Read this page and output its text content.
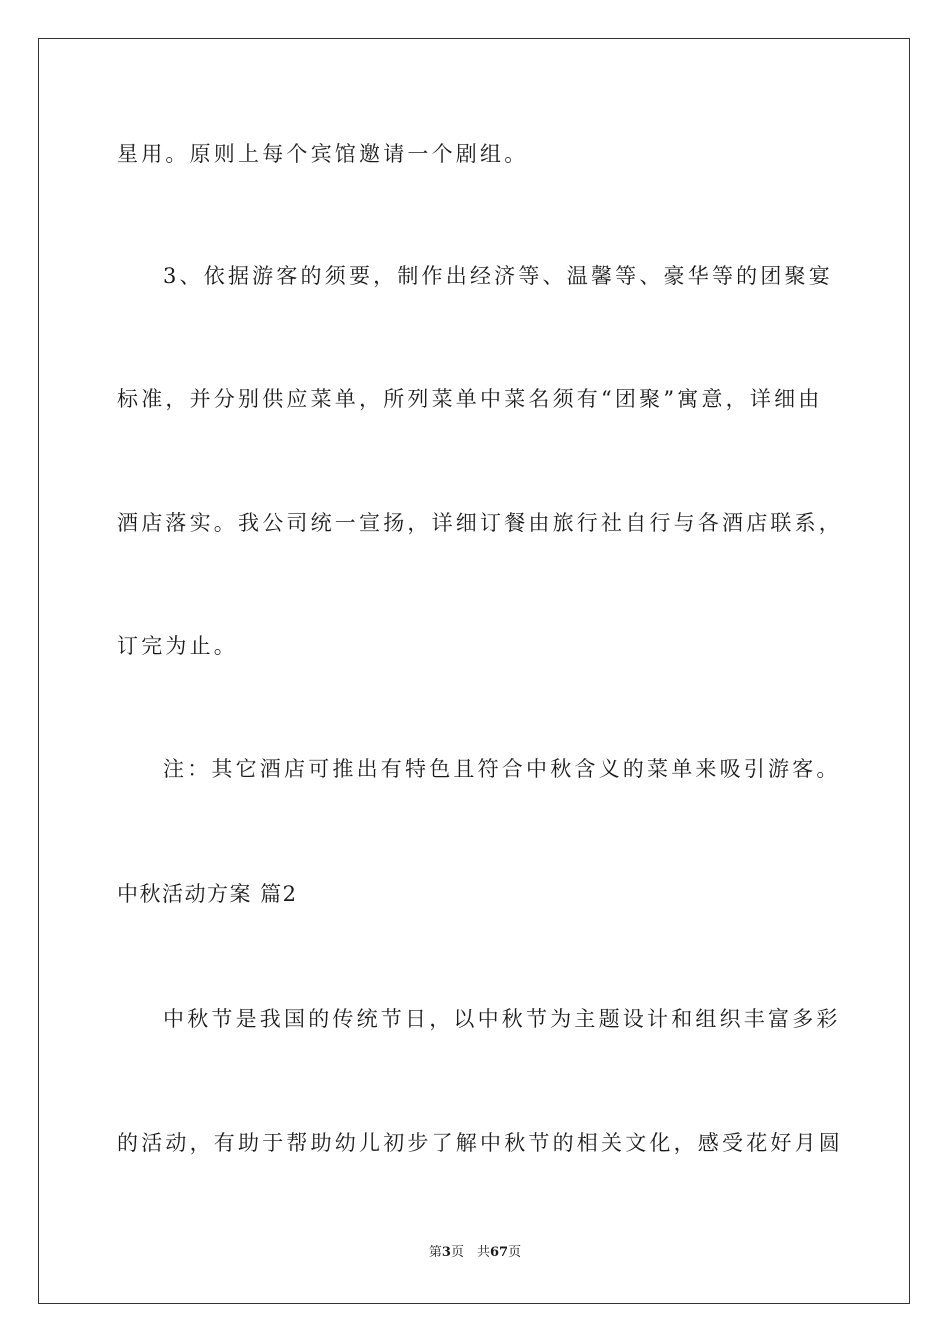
星用。原则上每个宾馆邀请一个剧组。
3、依据游客的须要，制作出经济等、温馨等、豪华等的团聚宴
标准，并分别供应菜单，所列菜单中菜名须有“团聚”寓意，详细由
酒店落实。我公司统一宣扬，详细订餐由旅行社自行与各酒店联系，
订完为止。
注：其它酒店可推出有特色且符合中秋含义的菜单来吸引游客。
中秋活动方案 篇2
中秋节是我国的传统节日，以中秋节为主题设计和组织丰富多彩
的活动，有助于帮助幼儿初步了解中秋节的相关文化，感受花好月圆
第3页　共67页
